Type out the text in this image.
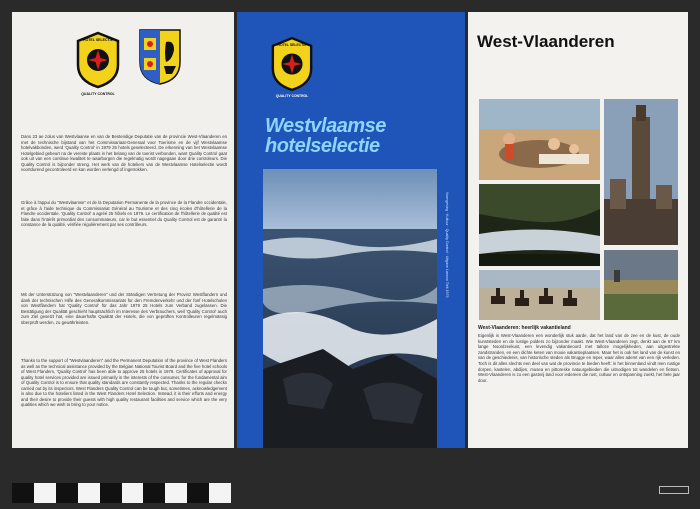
HOTEL SELECTIE
QUALITY CONTROL
Dans 23 ae zolus van Westvlaanse en van de Bestendige Deputatie van de provincie West-Vlaanderen en met de technische bijstand van het Commissariaat-Generaal voor Toerisme en de vijf Westvlaamse hotelvakbonden, werd 'Quality Control' in 1979 25 hotels geselecteerd. De erkenning van het Westvlaamse Hotelgebied gebeurt na de vereste plaats in het belang van de toerist verbonden, want Quality Control gaat ook uit van een continue kwaliteit te waarborgen die regelmatig wordt nagegaan door drie controleurs. Die Quality Control is bijzonder streng. Het werk van de hoteliers van de Westvlaamse Hotelselectie wordt voortdurend gecontroleerd en kan worden verlengd of ingetrokken.
Grâce à l'appui du "Westvlaamse" et de la Deputation Permanente de la province de la Flandre occidentale, et grâce à l'aide technique du Commissariat Général au Tourisme et des cinq écoles d'hôtellerie de la Flandre occidentale. 'Quality Control' a agréé 25 hôtels en 1979. Le certification de l'hôtellerie de qualité est faite dans l'intérêt primordial des consommateurs, car le but essentiel du Quality Control est de garantir la constance de la qualité, vérifiée régulièrement par ses contrôleurs.
Mit der Unterstützung von "Westvlaanderen" und der Ständigen Vertretung der Provinz Westflandern und dank der technischen Hilfe des Generalkommissariats für den Fremdenverkehr und der fünf Hotelschulen von Westflandern hat 'Quality Control' für das Jahr 1979 25 Hotels zum Verband zugelassen. Die Bestätigung der Qualität geschieht hauptsächlich im Interesse des Verbrauchers, weil 'Quality Control' auch zum Ziel gesetzt hat, eine dauerhafte Qualität der Hotels, die von geprüften Kontrolleuren regelmässig überprüft werden, zu gewährleisten.
Thanks to the support of "Westvlaanderen" and the Permanent Deputation of the province of West Flanders as well as the technical assistance provided by the Belgian National Tourist Board and the five hotel schools of West Flanders, 'Quality Control' has been able to approve 25 hotels in 1979. Certificates of approval for quality hotel services provided are issued primarily in the interests of the consumer, for the fundamental aim of Quality Control is to ensure that quality standards are constantly respected. Thanks to the regular checks carried out by its inspectors. West Flanders Quality Control can be tough but, sometimes, acknowledgement is also due to the hoteliers listed in the West Flanders Hotel Selection. Instead, it is their efforts and energy and their desire to provide their guests with high quality restaurant facilities and service which are the very qualities which we wish to bring to your notice.
HOTEL SELECTIE
QUALITY CONTROL
Westvlaamse
hotelselectie
Vormgeving · Kultuur · Quality Control · Uitgave Lannoo Tielt 1979
West-Vlaanderen
West-Vlaanderen: heerlijk vakantieland
Eigenlijk is West-Vlaanderen een wonderlijk stuk aarde, dat het land van de zee en de kust, de oude kunststeden en de rustige polders zo bijzonder maakt. Wie West-Vlaanderen zegt, denkt aan de 67 km lange Noordzeekust, een levendig vakantieoord met talloze mogelijkheden, aan uitgestrekte zandstranden, en een dichte keten van mooie vakantieplaatsen. Maar het is ook het land van de kunst en van de geschiedenis, van historische steden als Brugge en Ieper, waar alles ademt van een rijk verleden. Toch is dit alles slechts een deel van wat de provincie te bieden heeft: in het binnenland vindt men rustige dorpen, kastelen, abdijen, musea en pittoreske natuurgebieden die uitnodigen tot wandelen en fietsen. West-Vlaanderen is zo een gastvrij land voor iedereen die rust, cultuur en ontspanning zoekt, het hele jaar door.
